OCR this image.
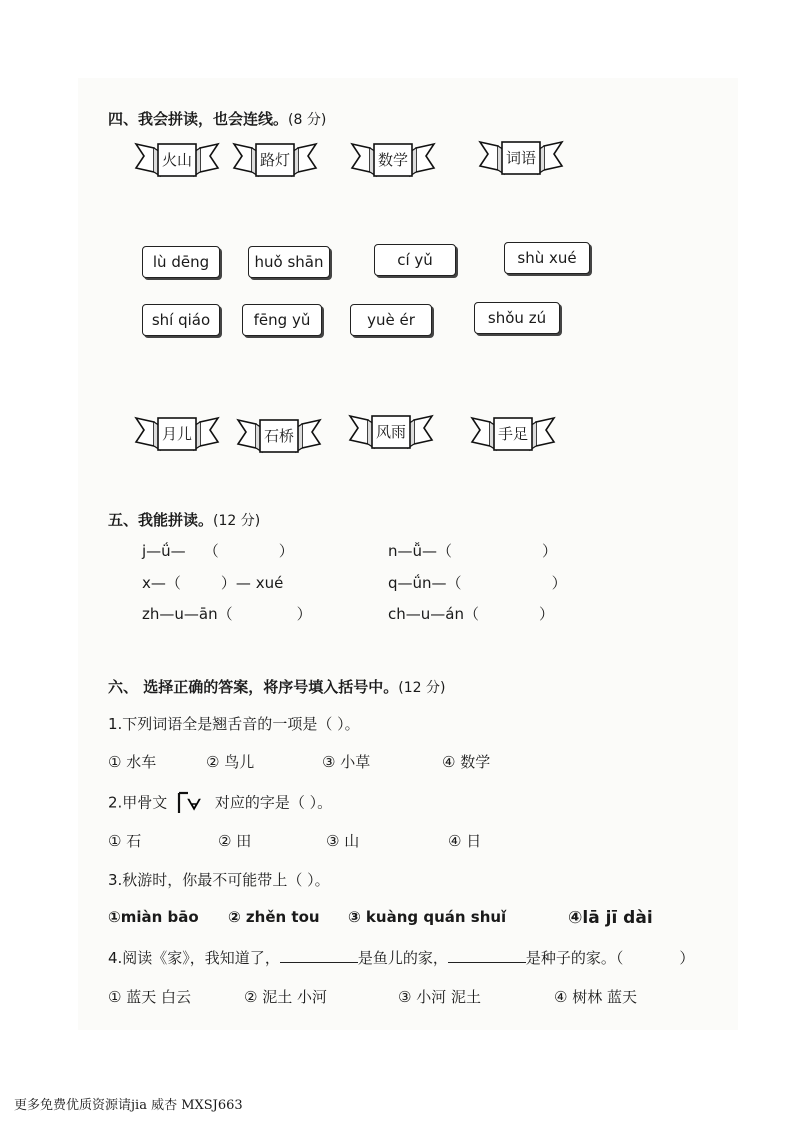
四、我会拼读，也会连线。(8 分)
火山	路灯	数学	词语
lù dēng	huǒ shān	cí yǔ	shù xué
shí qiáo	fēng yǔ	yuè ér	shǒu zú
月儿	石桥	风雨	手足
五、我能拼读。(12 分)
j—ǘ— （	）	n—ǚ—（	）
x—（	）— xué	q—ǘn—（	）
zh—u—ān（	）	ch—u—án（	）
六、 选择正确的答案，将序号填入括号中。(12 分)
1.下列词语全是翘舌音的一项是（ ）。
① 水车	② 鸟儿	③ 小草	④ 数学
2.甲骨文 ᗄ 对应的字是（ ）。
① 石	② 田	③ 山	④ 日
3.秋游时，你最不可能带上（ ）。
①miàn bāo ② zhěn tou ③ kuàng quán shuǐ	④lā jī dài
4.阅读《家》，我知道了，	是鱼儿的家，	是种子的家。（	）
① 蓝天 白云	② 泥土 小河	③ 小河 泥土	④ 树林 蓝天
更多免费优质资源请jia 威杏 MXSJ663
